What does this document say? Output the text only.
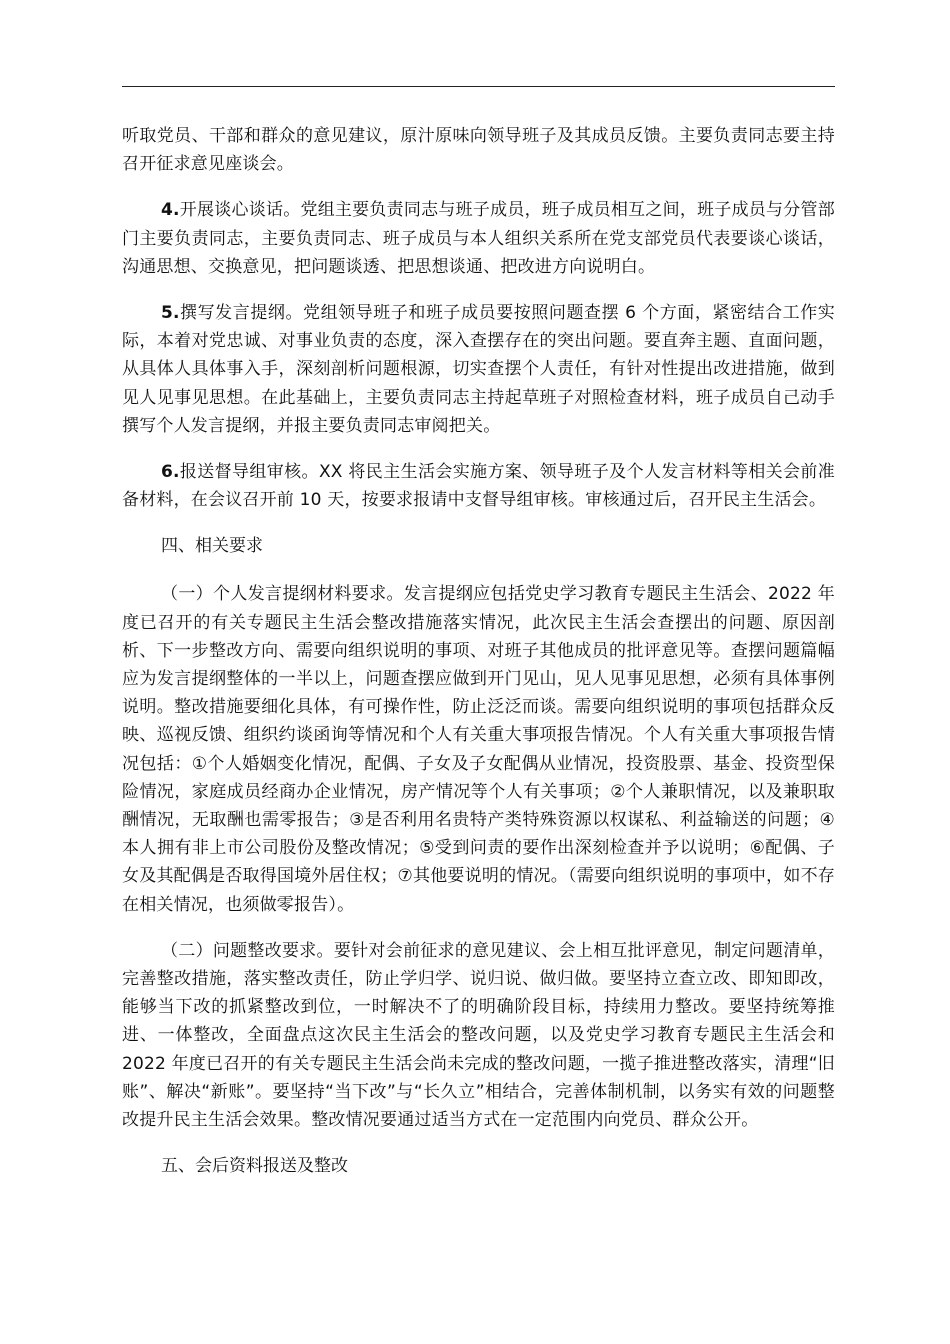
听取党员、干部和群众的意见建议，原汁原味向领导班子及其成员反馈。主要负责同志要主持召开征求意见座谈会。

4.开展谈心谈话。党组主要负责同志与班子成员，班子成员相互之间，班子成员与分管部门主要负责同志，主要负责同志、班子成员与本人组织关系所在党支部党员代表要谈心谈话，沟通思想、交换意见，把问题谈透、把思想谈通、把改进方向说明白。

5.撰写发言提纲。党组领导班子和班子成员要按照问题查摆 6 个方面，紧密结合工作实际，本着对党忠诚、对事业负责的态度，深入查摆存在的突出问题。要直奔主题、直面问题，从具体人具体事入手，深刻剖析问题根源，切实查摆个人责任，有针对性提出改进措施，做到见人见事见思想。在此基础上，主要负责同志主持起草班子对照检查材料，班子成员自己动手撰写个人发言提纲，并报主要负责同志审阅把关。

6.报送督导组审核。XX 将民主生活会实施方案、领导班子及个人发言材料等相关会前准备材料，在会议召开前 10 天，按要求报请中支督导组审核。审核通过后，召开民主生活会。

四、相关要求

（一）个人发言提纲材料要求。发言提纲应包括党史学习教育专题民主生活会、2022 年度已召开的有关专题民主生活会整改措施落实情况，此次民主生活会查摆出的问题、原因剖析、下一步整改方向、需要向组织说明的事项、对班子其他成员的批评意见等。查摆问题篇幅应为发言提纲整体的一半以上，问题查摆应做到开门见山，见人见事见思想，必须有具体事例说明。整改措施要细化具体，有可操作性，防止泛泛而谈。需要向组织说明的事项包括群众反映、巡视反馈、组织约谈函询等情况和个人有关重大事项报告情况。个人有关重大事项报告情况包括：①个人婚姻变化情况，配偶、子女及子女配偶从业情况，投资股票、基金、投资型保险情况，家庭成员经商办企业情况，房产情况等个人有关事项；②个人兼职情况，以及兼职取酬情况，无取酬也需零报告；③是否利用名贵特产类特殊资源以权谋私、利益输送的问题；④本人拥有非上市公司股份及整改情况；⑤受到问责的要作出深刻检查并予以说明；⑥配偶、子女及其配偶是否取得国境外居住权；⑦其他要说明的情况。（需要向组织说明的事项中，如不存在相关情况，也须做零报告）。

（二）问题整改要求。要针对会前征求的意见建议、会上相互批评意见，制定问题清单，完善整改措施，落实整改责任，防止学归学、说归说、做归做。要坚持立查立改、即知即改，能够当下改的抓紧整改到位，一时解决不了的明确阶段目标，持续用力整改。要坚持统筹推进、一体整改，全面盘点这次民主生活会的整改问题，以及党史学习教育专题民主生活会和 2022 年度已召开的有关专题民主生活会尚未完成的整改问题，一揽子推进整改落实，清理“旧账”、解决“新账”。要坚持“当下改”与“长久立”相结合，完善体制机制，以务实有效的问题整改提升民主生活会效果。整改情况要通过适当方式在一定范围内向党员、群众公开。

五、会后资料报送及整改
